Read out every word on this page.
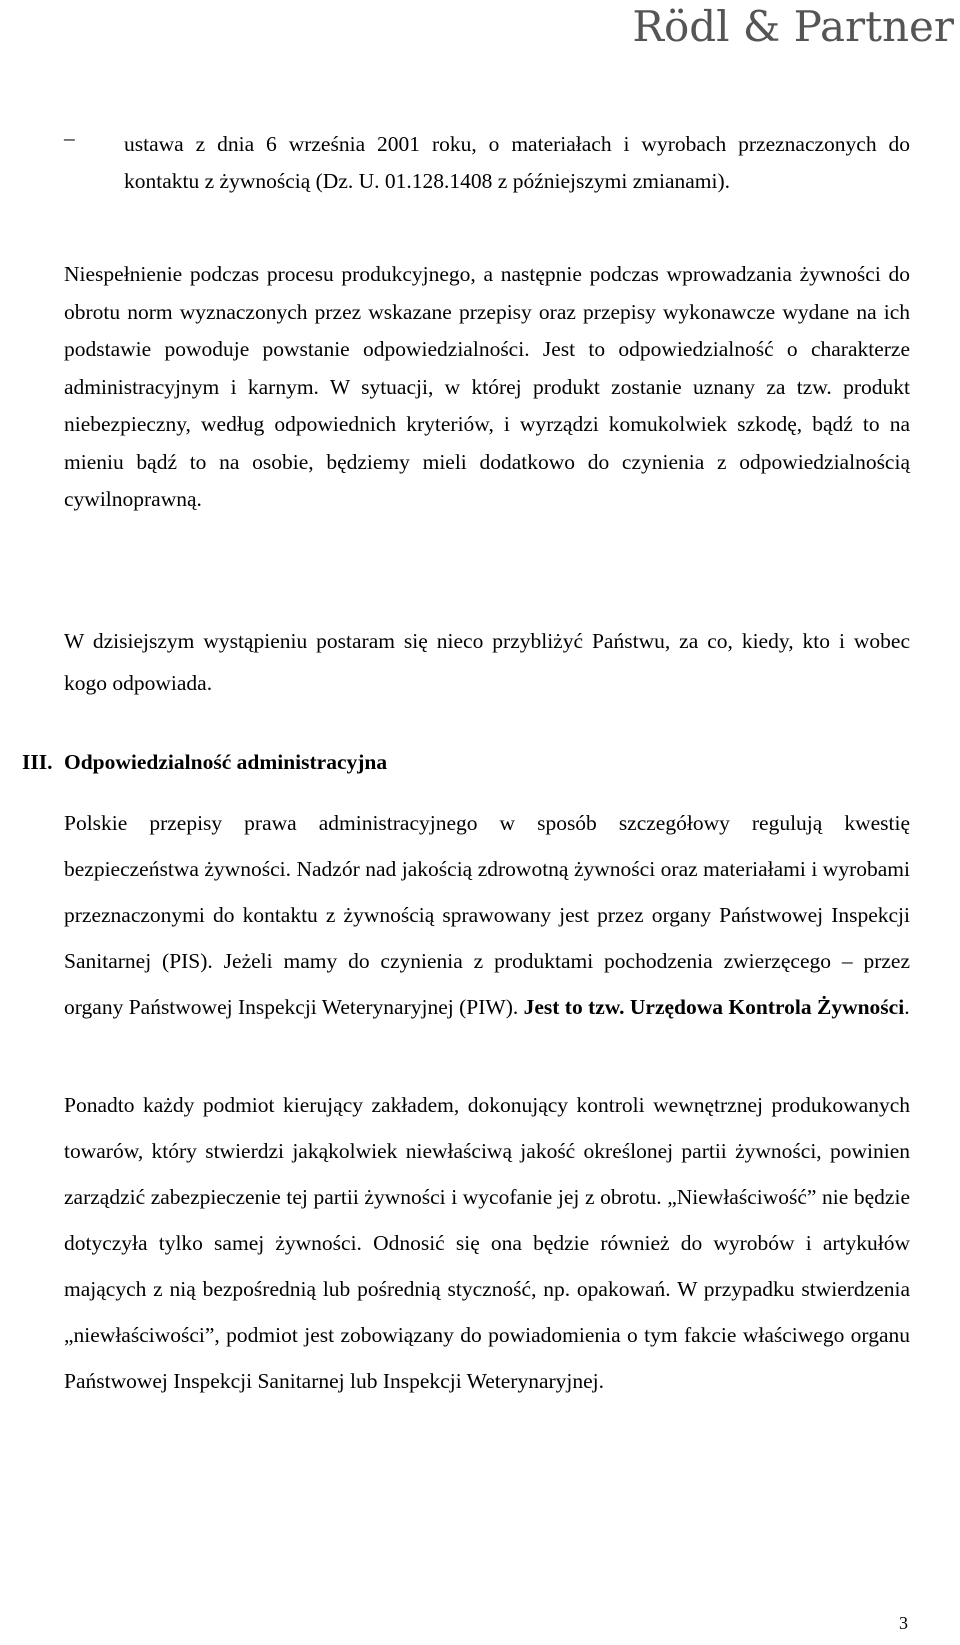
Rödl & Partner
– ustawa z dnia 6 września 2001 roku, o materiałach i wyrobach przeznaczonych do kontaktu z żywnością (Dz. U. 01.128.1408 z późniejszymi zmianami).

Niespełnienie podczas procesu produkcyjnego, a następnie podczas wprowadzania żywności do obrotu norm wyznaczonych przez wskazane przepisy oraz przepisy wykonawcze wydane na ich podstawie powoduje powstanie odpowiedzialności. Jest to odpowiedzialność o charakterze administracyjnym i karnym. W sytuacji, w której produkt zostanie uznany za tzw. produkt niebezpieczny, według odpowiednich kryteriów, i wyrządzi komukolwiek szkodę, bądź to na mieniu bądź to na osobie, będziemy mieli dodatkowo do czynienia z odpowiedzialnością cywilnoprawną.

W dzisiejszym wystąpieniu postaram się nieco przybliżyć Państwu, za co, kiedy, kto i wobec kogo odpowiada.

III. Odpowiedzialność administracyjna

Polskie przepisy prawa administracyjnego w sposób szczegółowy regulują kwestię bezpieczeństwa żywności. Nadzór nad jakością zdrowotną żywności oraz materiałami i wyrobami przeznaczonymi do kontaktu z żywnością sprawowany jest przez organy Państwowej Inspekcji Sanitarnej (PIS). Jeżeli mamy do czynienia z produktami pochodzenia zwierzęcego – przez organy Państwowej Inspekcji Weterynaryjnej (PIW). Jest to tzw. Urzędowa Kontrola Żywności.

Ponadto każdy podmiot kierujący zakładem, dokonujący kontroli wewnętrznej produkowanych towarów, który stwierdzi jakąkolwiek niewłaściwą jakość określonej partii żywności, powinien zarządzić zabezpieczenie tej partii żywności i wycofanie jej z obrotu. „Niewłaściwość” nie będzie dotyczyła tylko samej żywności. Odnosić się ona będzie również do wyrobów i artykułów mających z nią bezpośrednią lub pośrednią styczność, np. opakowań. W przypadku stwierdzenia „niewłaściwości”, podmiot jest zobowiązany do powiadomienia o tym fakcie właściwego organu Państwowej Inspekcji Sanitarnej lub Inspekcji Weterynaryjnej.

3
